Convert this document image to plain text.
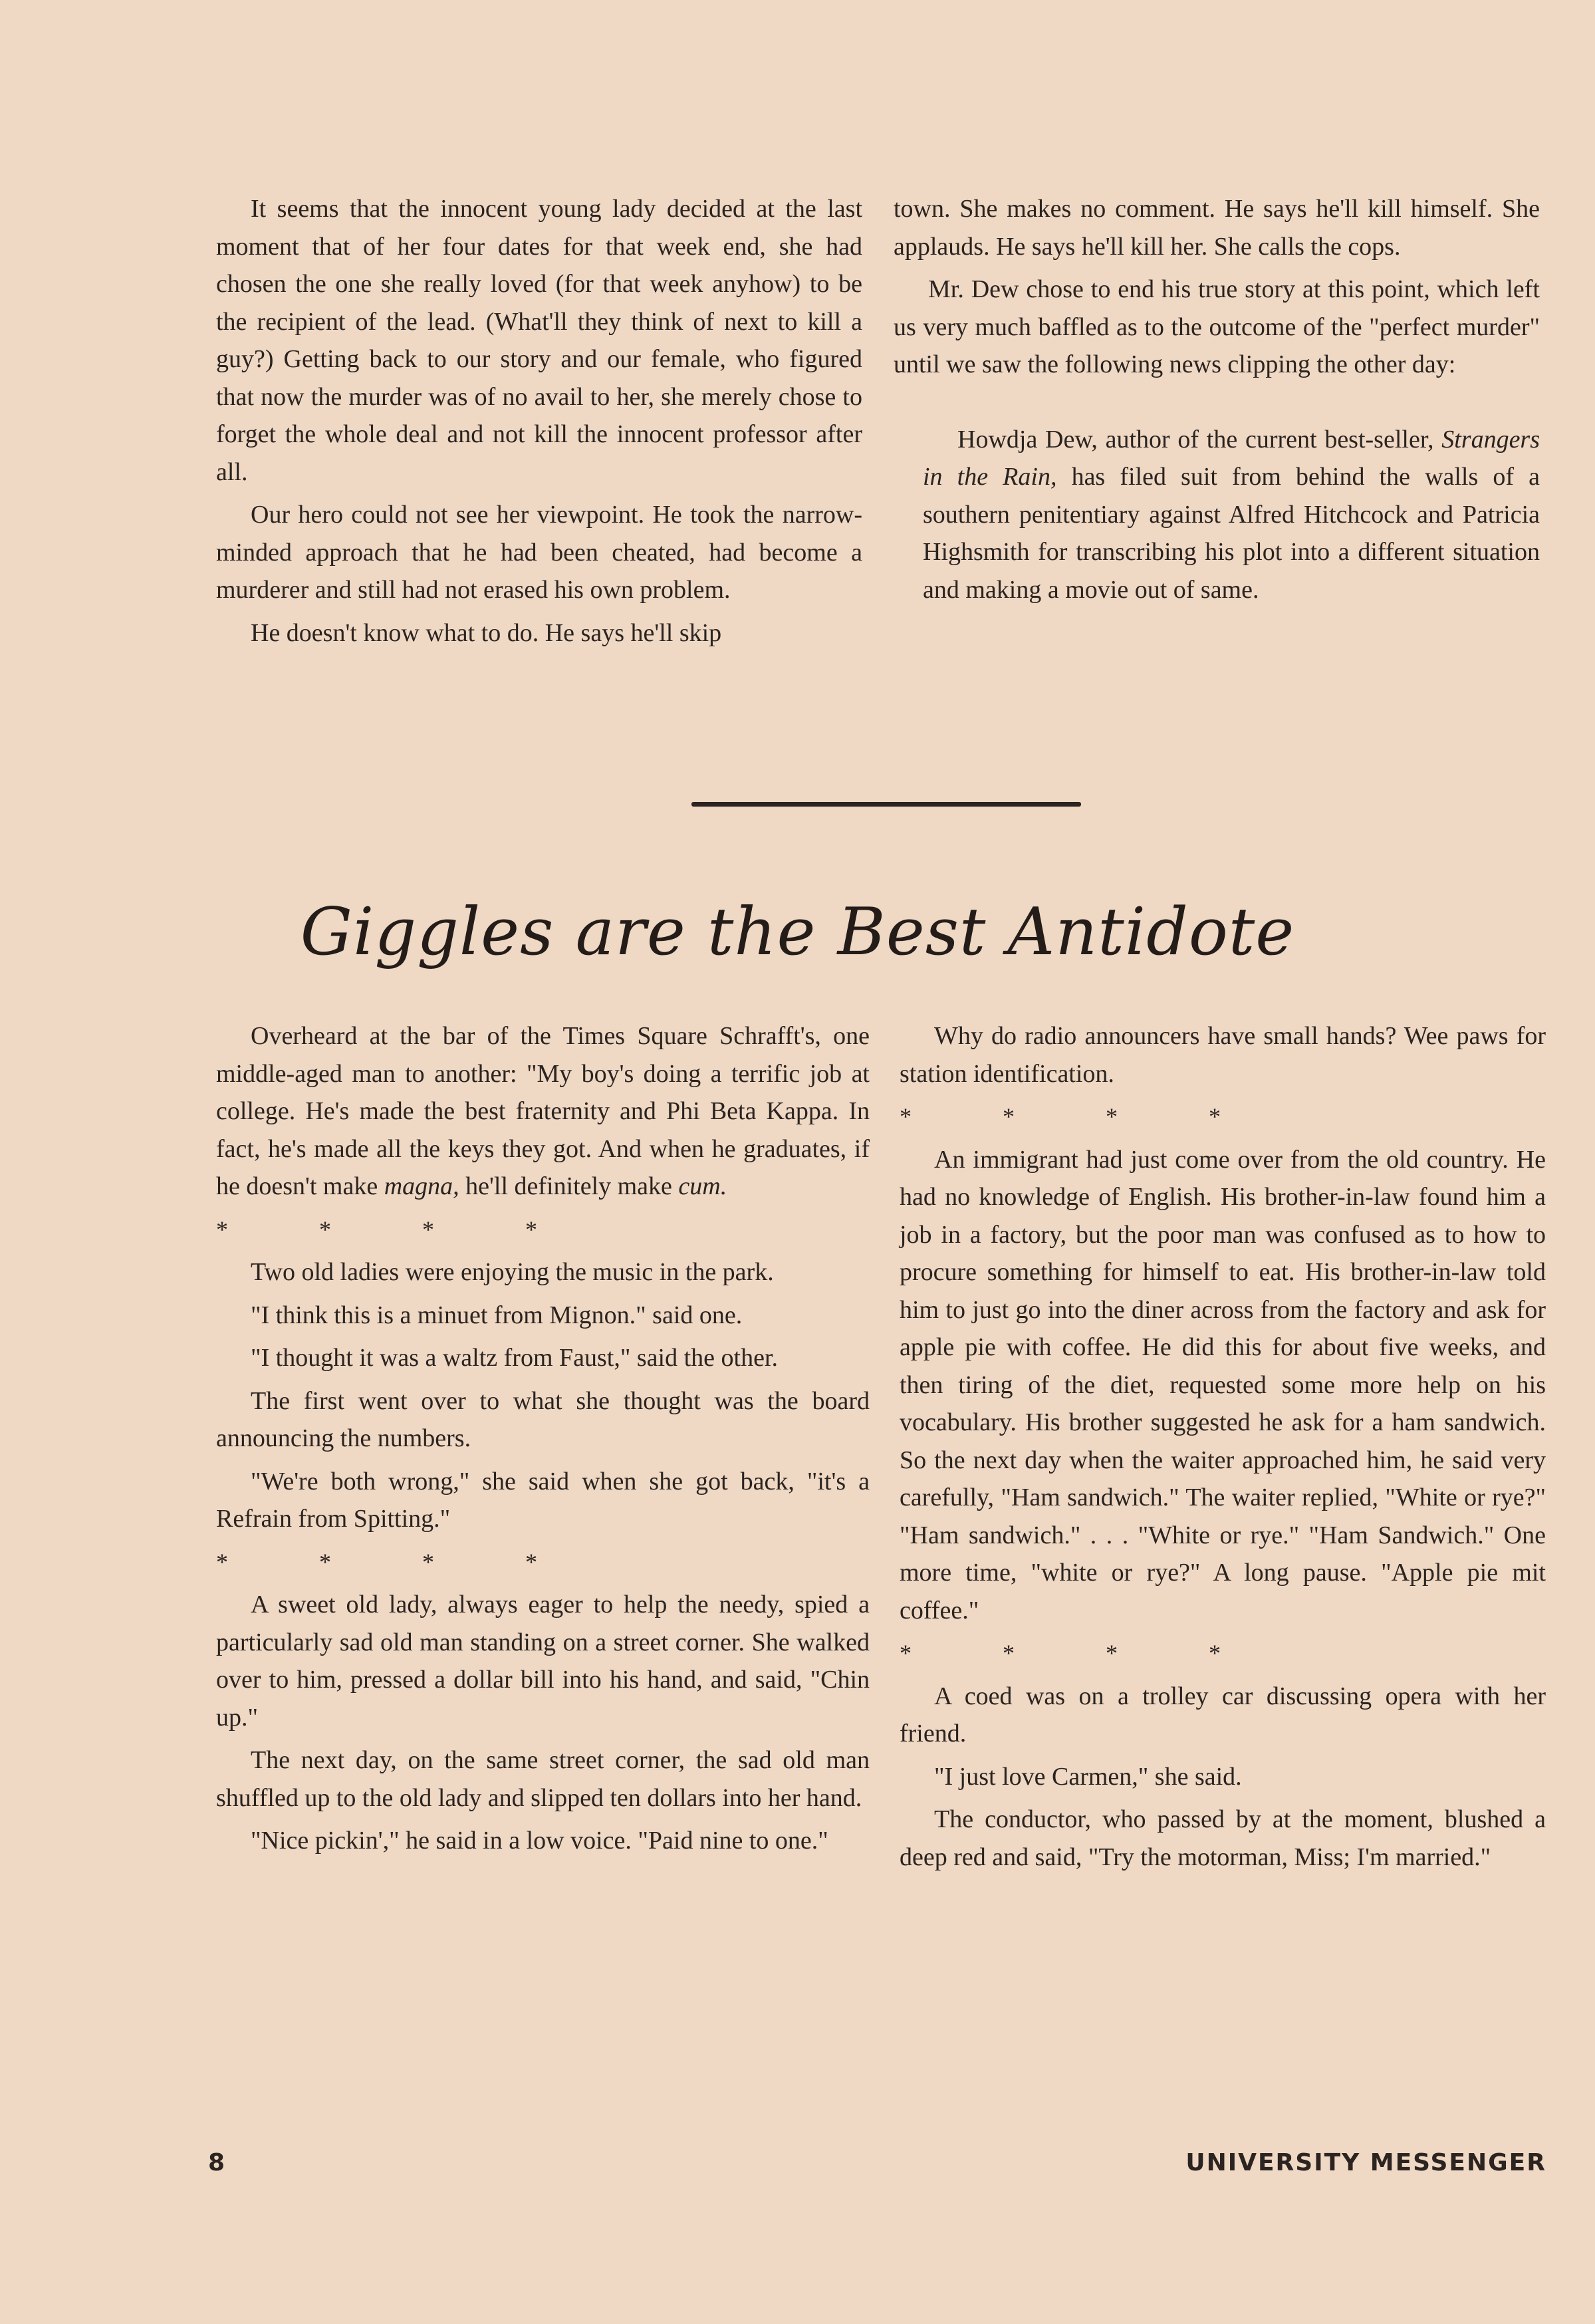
It seems that the innocent young lady decided at the last moment that of her four dates for that week end, she had chosen the one she really loved (for that week anyhow) to be the recipient of the lead. (What'll they think of next to kill a guy?) Getting back to our story and our female, who figured that now the murder was of no avail to her, she merely chose to forget the whole deal and not kill the innocent professor after all.

Our hero could not see her viewpoint. He took the narrow-minded approach that he had been cheated, had become a murderer and still had not erased his own problem.

He doesn't know what to do. He says he'll skip

town. She makes no comment. He says he'll kill himself. She applauds. He says he'll kill her. She calls the cops.

Mr. Dew chose to end his true story at this point, which left us very much baffled as to the outcome of the "perfect murder" until we saw the following news clipping the other day:

Howdja Dew, author of the current best-seller, Strangers in the Rain, has filed suit from behind the walls of a southern penitentiary against Alfred Hitchcock and Patricia Highsmith for transcribing his plot into a different situation and making a movie out of same.

Giggles are the Best Antidote

Overheard at the bar of the Times Square Schrafft's, one middle-aged man to another: "My boy's doing a terrific job at college. He's made the best fraternity and Phi Beta Kappa. In fact, he's made all the keys they got. And when he graduates, if he doesn't make magna, he'll definitely make cum.

* * * *

Two old ladies were enjoying the music in the park.

"I think this is a minuet from Mignon." said one.

"I thought it was a waltz from Faust," said the other.

The first went over to what she thought was the board announcing the numbers.

"We're both wrong," she said when she got back, "it's a Refrain from Spitting."

* * * *

A sweet old lady, always eager to help the needy, spied a particularly sad old man standing on a street corner. She walked over to him, pressed a dollar bill into his hand, and said, "Chin up."

The next day, on the same street corner, the sad old man shuffled up to the old lady and slipped ten dollars into her hand.

"Nice pickin'," he said in a low voice. "Paid nine to one."

Why do radio announcers have small hands? Wee paws for station identification.

* * * *

An immigrant had just come over from the old country. He had no knowledge of English. His brother-in-law found him a job in a factory, but the poor man was confused as to how to procure something for himself to eat. His brother-in-law told him to just go into the diner across from the factory and ask for apple pie with coffee. He did this for about five weeks, and then tiring of the diet, requested some more help on his vocabulary. His brother suggested he ask for a ham sandwich. So the next day when the waiter approached him, he said very carefully, "Ham sandwich." The waiter replied, "White or rye?" "Ham sandwich." . . . "White or rye." "Ham Sandwich." One more time, "white or rye?" A long pause. "Apple pie mit coffee."

* * * *

A coed was on a trolley car discussing opera with her friend.

"I just love Carmen," she said.

The conductor, who passed by at the moment, blushed a deep red and said, "Try the motorman, Miss; I'm married."

8	UNIVERSITY MESSENGER
